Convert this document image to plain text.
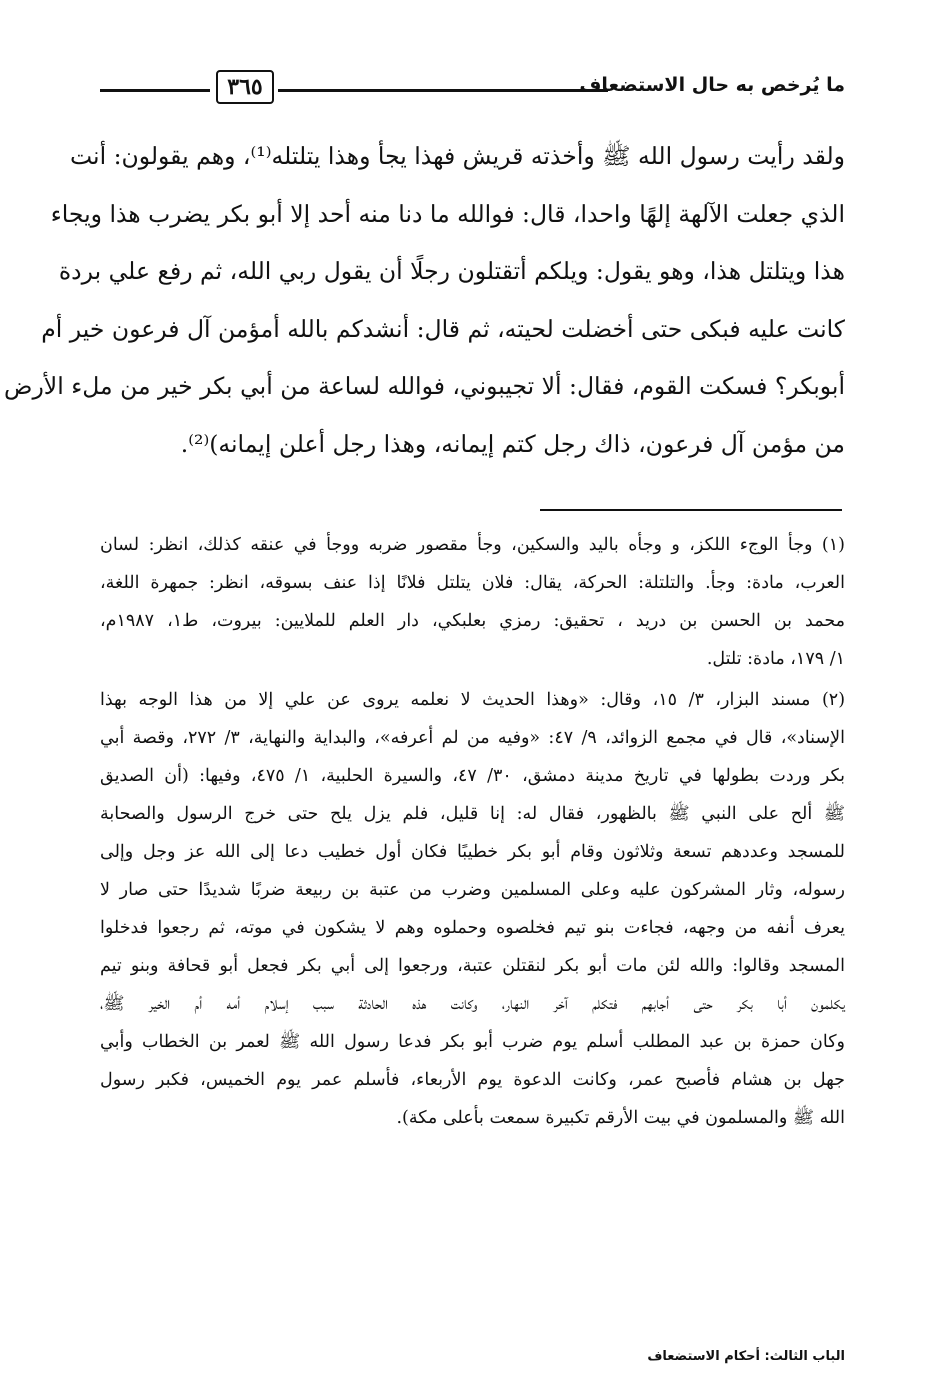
٣٦٥	ما يُرخص به حال الاستضعاف
ولقد رأيت رسول الله ﷺ وأخذته قريش فهذا يجأ وهذا يتلتله⁽¹⁾، وهم يقولون: أنت
الذي جعلت الآلهة إلهًا واحدا، قال: فوالله ما دنا منه أحد إلا أبو بكر يضرب هذا ويجاء
هذا ويتلتل هذا، وهو يقول: ويلكم أتقتلون رجلًا أن يقول ربي الله، ثم رفع علي بردة
كانت عليه فبكى حتى أخضلت لحيته، ثم قال: أنشدكم بالله أمؤمن آل فرعون خير أم
أبوبكر؟ فسكت القوم، فقال: ألا تجيبوني، فوالله لساعة من أبي بكر خير من ملء الأرض
من مؤمن آل فرعون، ذاك رجل كتم إيمانه، وهذا رجل أعلن إيمانه)⁽²⁾.
(١) وجأ الوجء اللكز، و وجأه باليد والسكين، وجأ مقصور ضربه ووجأ في عنقه كذلك، انظر: لسان
العرب، مادة: وجأ. والتلتلة: الحركة، يقال: فلان يتلتل فلانًا إذا عنف بسوقه، انظر: جمهرة اللغة،
محمد بن الحسن بن دريد ، تحقيق: رمزي بعلبكي، دار العلم للملايين: بيروت، ط١، ١٩٨٧م،
١/ ١٧٩، مادة: تلتل.
(٢) مسند البزار، ٣/ ١٥، وقال: «وهذا الحديث لا نعلمه يروى عن علي إلا من هذا الوجه بهذا
الإسناد»، قال في مجمع الزوائد، ٩/ ٤٧: «وفيه من لم أعرفه»، والبداية والنهاية، ٣/ ٢٧٢، وقصة أبي
بكر وردت بطولها في تاريخ مدينة دمشق، ٣٠/ ٤٧، والسيرة الحلبية، ١/ ٤٧٥، وفيها: (أن الصديق
ﷺ ألح على النبي ﷺ بالظهور، فقال له: إنا قليل، فلم يزل يلح حتى خرج الرسول والصحابة
للمسجد وعددهم تسعة وثلاثون وقام أبو بكر خطيبًا فكان أول خطيب دعا إلى الله عز وجل وإلى
رسوله، وثار المشركون عليه وعلى المسلمين وضرب من عتبة بن ربيعة ضربًا شديدًا حتى صار لا
يعرف أنفه من وجهه، فجاءت بنو تيم فخلصوه وحملوه وهم لا يشكون في موته، ثم رجعوا فدخلوا
المسجد وقالوا: والله لئن مات أبو بكر لنقتلن عتبة، ورجعوا إلى أبي بكر فجعل أبو قحافة وبنو تيم
يكلمون أبا بكر حتى أجابهم فتكلم آخر النهار، وكانت هذه الحادثة سبب إسلام أمه أم الخير ﷺ،
وكان حمزة بن عبد المطلب أسلم يوم ضرب أبو بكر فدعا رسول الله ﷺ لعمر بن الخطاب وأبي
جهل بن هشام فأصبح عمر، وكانت الدعوة يوم الأربعاء، فأسلم عمر يوم الخميس، فكبر رسول
الله ﷺ والمسلمون في بيت الأرقم تكبيرة سمعت بأعلى مكة).
الباب الثالث: أحكام الاستضعاف
